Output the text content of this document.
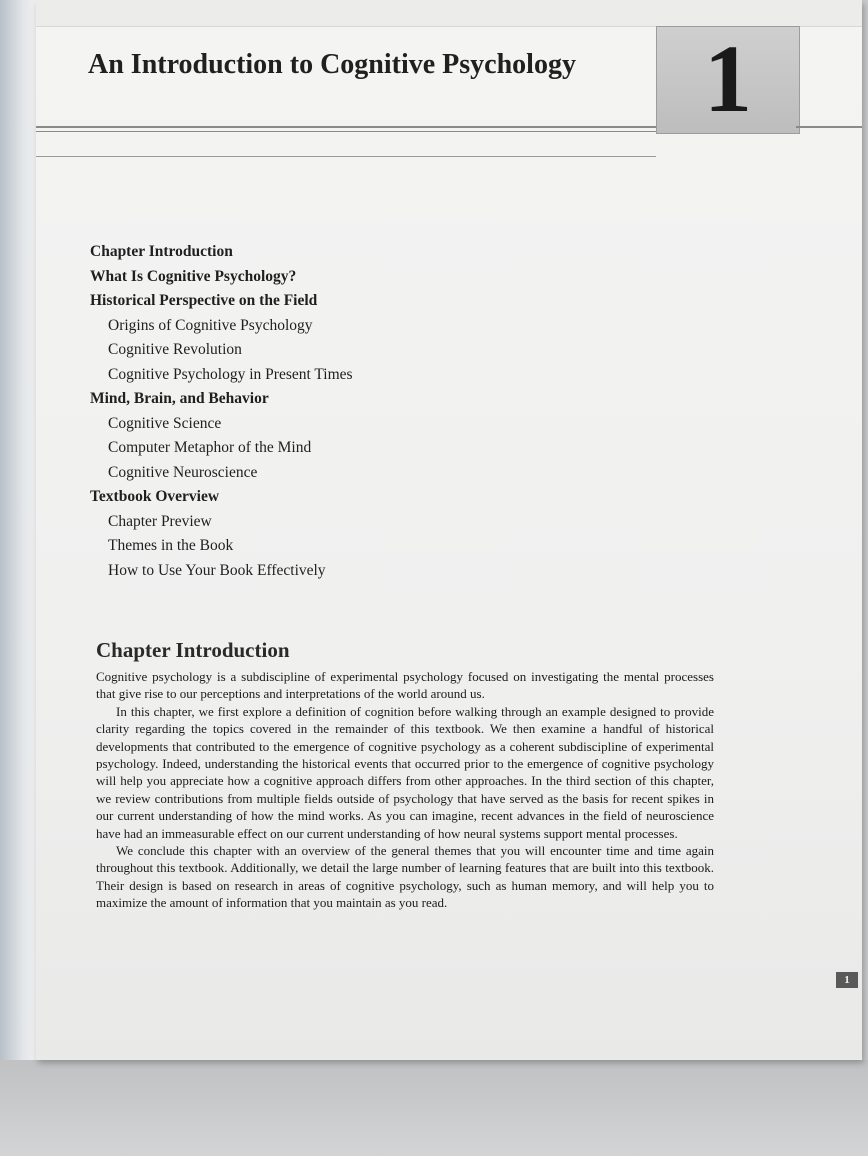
An Introduction to Cognitive Psychology	1
Chapter Introduction
What Is Cognitive Psychology?
Historical Perspective on the Field
Origins of Cognitive Psychology
Cognitive Revolution
Cognitive Psychology in Present Times
Mind, Brain, and Behavior
Cognitive Science
Computer Metaphor of the Mind
Cognitive Neuroscience
Textbook Overview
Chapter Preview
Themes in the Book
How to Use Your Book Effectively
Chapter Introduction

Cognitive psychology is a subdiscipline of experimental psychology focused on investigating the mental processes that give rise to our perceptions and interpretations of the world around us.

In this chapter, we first explore a definition of cognition before walking through an example designed to provide clarity regarding the topics covered in the remainder of this textbook. We then examine a handful of historical developments that contributed to the emergence of cognitive psychology as a coherent subdiscipline of experimental psychology. Indeed, understanding the historical events that occurred prior to the emergence of cognitive psychology will help you appreciate how a cognitive approach differs from other approaches. In the third section of this chapter, we review contributions from multiple fields outside of psychology that have served as the basis for recent spikes in our current understanding of how the mind works. As you can imagine, recent advances in the field of neuroscience have had an immeasurable effect on our current understanding of how neural systems support mental processes.

We conclude this chapter with an overview of the general themes that you will encounter time and time again throughout this textbook. Additionally, we detail the large number of learning features that are built into this textbook. Their design is based on research in areas of cognitive psychology, such as human memory, and will help you to maximize the amount of information that you maintain as you read.

1
